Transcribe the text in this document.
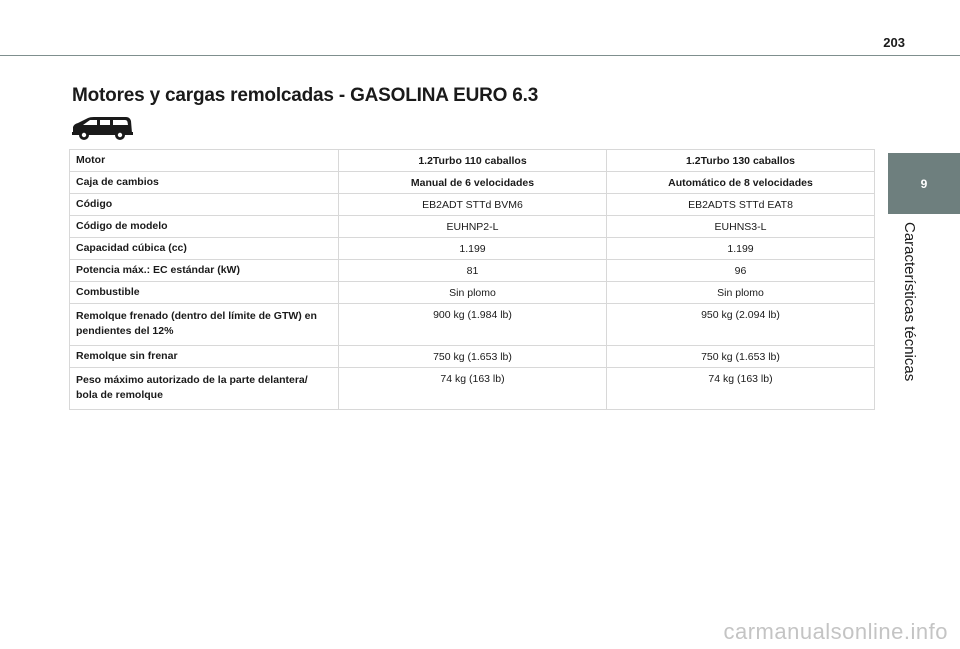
203
Motores y cargas remolcadas - GASOLINA EURO 6.3
Motor	1.2Turbo 110 caballos	1.2Turbo 130 caballos
Caja de cambios	Manual de 6 velocidades	Automático de 8 velocidades
Código	EB2ADT STTd BVM6	EB2ADTS STTd EAT8
Código de modelo	EUHNP2-L	EUHNS3-L
Capacidad cúbica (cc)	1.199	1.199
Potencia máx.: EC estándar (kW)	81	96
Combustible	Sin plomo	Sin plomo
Remolque frenado (dentro del límite de GTW) en pendientes del 12%	900 kg (1.984 lb)	950 kg (2.094 lb)
Remolque sin frenar	750 kg (1.653 lb)	750 kg (1.653 lb)
Peso máximo autorizado de la parte delantera/ bola de remolque	74 kg (163 lb)	74 kg (163 lb)
9
Características técnicas
carmanualsonline.info
